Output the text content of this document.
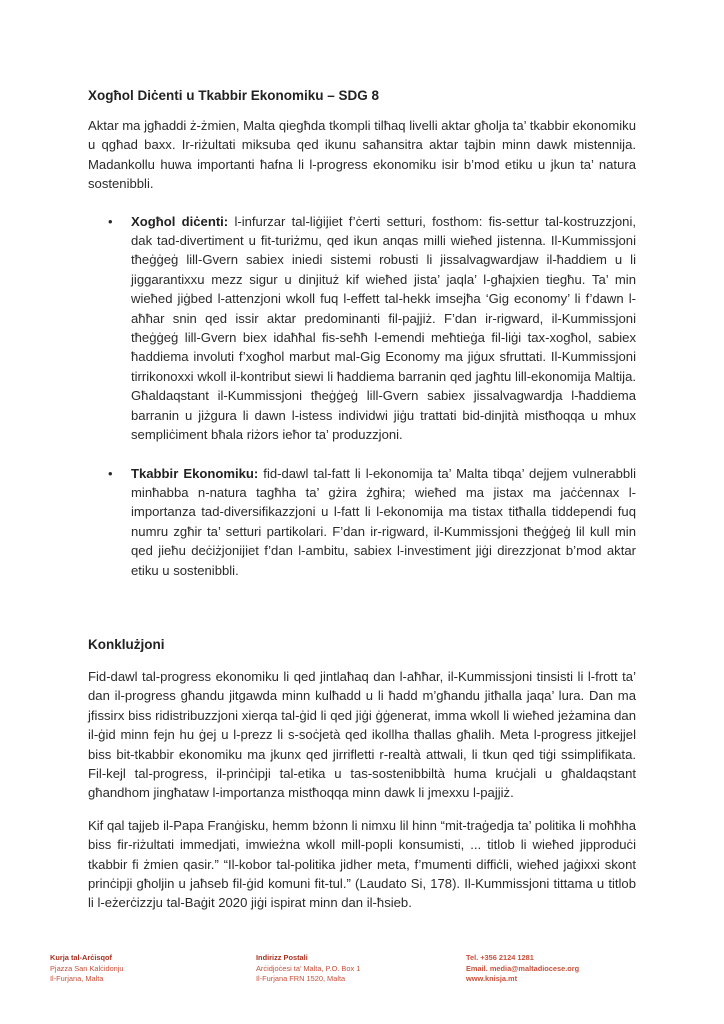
Xogħol Diċenti u Tkabbir Ekonomiku – SDG 8

Aktar ma jgħaddi ż-żmien, Malta qiegħda tkompli tilħaq livelli aktar għolja ta’ tkabbir ekonomiku u qgħad baxx. Ir-riżultati miksuba qed ikunu saħansitra aktar tajbin minn dawk mistennija. Madankollu huwa importanti ħafna li l-progress ekonomiku isir b’mod etiku u jkun ta’ natura sostenibbli.

• Xogħol diċenti: l-infurzar tal-liġijiet f’ċerti setturi, fosthom: fis-settur tal-kostruzzjoni, dak tad-divertiment u fit-turiżmu, qed ikun anqas milli wieħed jistenna. Il-Kummissjoni tħeġġeġ lill-Gvern sabiex iniedi sistemi robusti li jissalvagwardjaw il-ħaddiem u li jiggarantixxu mezz sigur u dinjituż kif wieħed jista’ jaqla’ l-għajxien tiegħu. Ta’ min wieħed jiġbed l-attenzjoni wkoll fuq l-effett tal-hekk imsejħa ‘Gig economy’ li f’dawn l-aħħar snin qed issir aktar predominanti fil-pajjiż. F’dan ir-rigward, il-Kummissjoni tħeġġeġ lill-Gvern biex idaħħal fis-seħħ l-emendi meħtieġa fil-liġi tax-xogħol, sabiex ħaddiema involuti f’xogħol marbut mal-Gig Economy ma jiġux sfruttati. Il-Kummissjoni tirrikonoxxi wkoll il-kontribut siewi li ħaddiema barranin qed jagħtu lill-ekonomija Maltija. Għaldaqstant il-Kummissjoni tħeġġeġ lill-Gvern sabiex jissalvagwardja l-ħaddiema barranin u jiżgura li dawn l-istess individwi jiġu trattati bid-dinjità mistħoqqa u mhux sempliċiment bħala riżors ieħor ta’ produzzjoni.
• Tkabbir Ekonomiku: fid-dawl tal-fatt li l-ekonomija ta’ Malta tibqa’ dejjem vulnerabbli minħabba n-natura tagħha ta’ gżira żgħira; wieħed ma jistax ma jaċċennax l-importanza tad-diversifikazzjoni u l-fatt li l-ekonomija ma tistax titħalla tiddependi fuq numru zgħir ta’ setturi partikolari. F’dan ir-rigward, il-Kummissjoni tħeġġeġ lil kull min qed jieħu deċiżjonijiet f’dan l-ambitu, sabiex l-investiment jiġi direzzjonat b’mod aktar etiku u sostenibbli.
Konklużjoni

Fid-dawl tal-progress ekonomiku li qed jintlaħaq dan l-aħħar, il-Kummissjoni tinsisti li l-frott ta’ dan il-progress għandu jitgawda minn kulħadd u li ħadd m’għandu jitħalla jaqa’ lura. Dan ma jfissirx biss ridistribuzzjoni xierqa tal-ġid li qed jiġi ġġenerat, imma wkoll li wieħed jeżamina dan il-ġid minn fejn hu ġej u l-prezz li s-soċjetà qed ikollha tħallas għalih. Meta l-progress jitkejjel biss bit-tkabbir ekonomiku ma jkunx qed jirrifletti r-realtà attwali, li tkun qed tiġi ssimplifikata. Fil-kejl tal-progress, il-prinċipji tal-etika u tas-sostenibbiltà huma kruċjali u għaldaqstant għandhom jingħataw l-importanza mistħoqqa minn dawk li jmexxu l-pajjiż.

Kif qal tajjeb il-Papa Franġisku, hemm bżonn li nimxu lil hinn “mit-traġedja ta’ politika li moħħha biss fir-riżultati immedjati, imwieżna wkoll mill-popli konsumisti, ... titlob li wieħed jipproduċi tkabbir fi żmien qasir.” “Il-kobor tal-politika jidher meta, f’mumenti diffiċli, wieħed jaġixxi skont prinċipji għoljin u jaħseb fil-ġid komuni fit-tul.” (Laudato Si, 178). Il-Kummissjoni tittama u titlob li l-eżerċizzju tal-Baġit 2020 jiġi ispirat minn dan il-ħsieb.

Kurja tal-Arċisqof
Pjazza San Kalċidonju
Il-Furjana, Malta
Indirizz Postali
Arċidjoċesi ta’ Malta, P.O. Box 1
Il-Furjana FRN 1520, Malta
Tel. +356 2124 1281
Email. media@maltadiocese.org
www.knisja.mt
